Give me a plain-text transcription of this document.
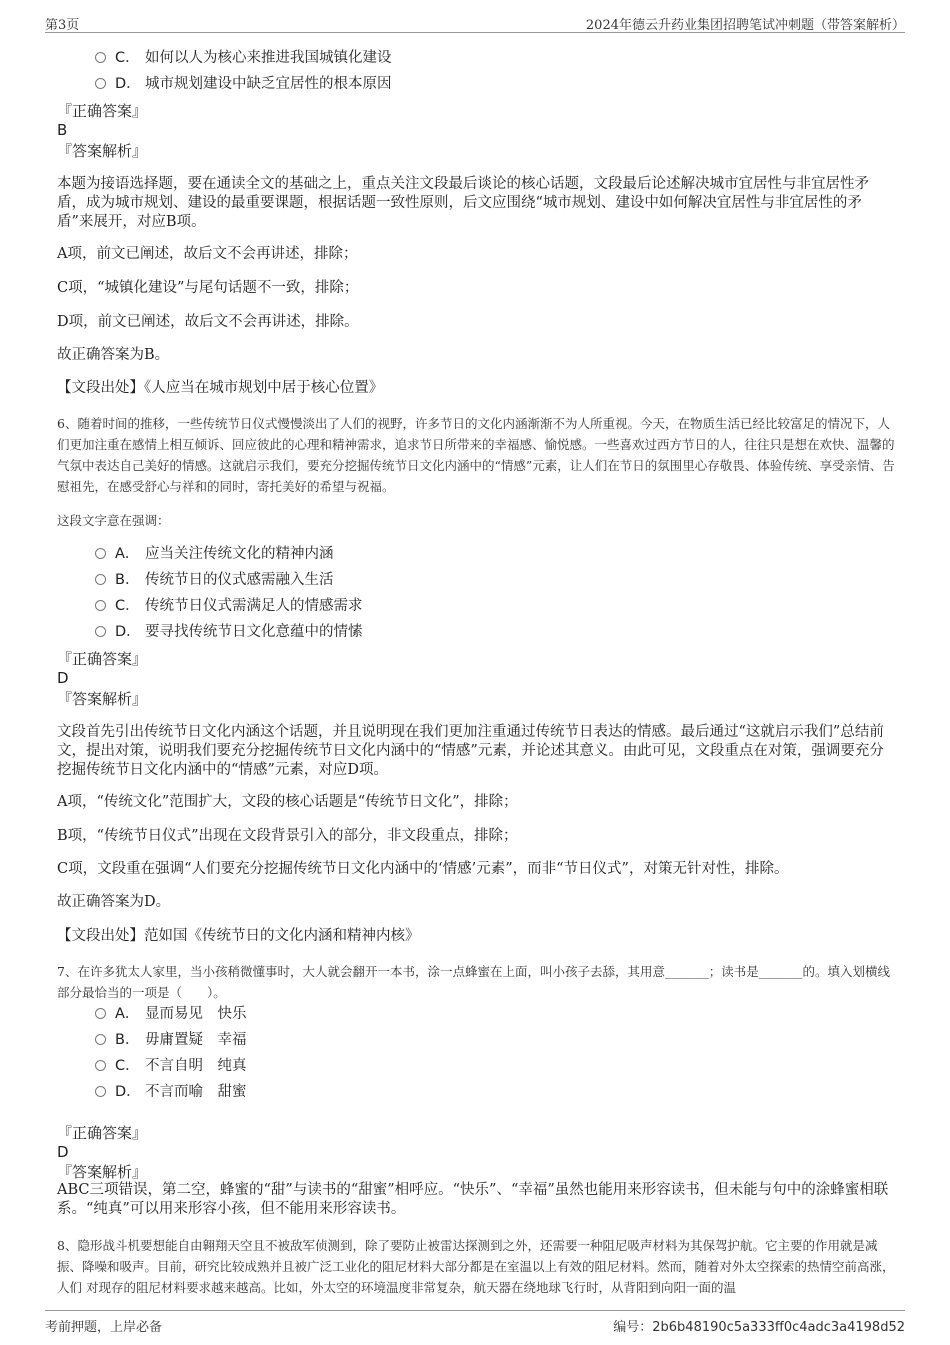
第3页	2024年德云升药业集团招聘笔试冲刺题（带答案解析）
C． 如何以人为核心来推进我国城镇化建设
D． 城市规划建设中缺乏宜居性的根本原因
『正确答案』
B
『答案解析』
本题为接语选择题，要在通读全文的基础之上，重点关注文段最后谈论的核心话题，文段最后论述解决城市宜居性与非宜居性矛盾，成为城市规划、建设的最重要课题，根据话题一致性原则，后文应围绕“城市规划、建设中如何解决宜居性与非宜居性的矛盾”来展开，对应B项。
A项，前文已阐述，故后文不会再讲述，排除；
C项，“城镇化建设”与尾句话题不一致，排除；
D项，前文已阐述，故后文不会再讲述，排除。
故正确答案为B。
【文段出处】《人应当在城市规划中居于核心位置》
6、随着时间的推移，一些传统节日仪式慢慢淡出了人们的视野，许多节日的文化内涵渐渐不为人所重视。今天，在物质生活已经比较富足的情况下，人们更加注重在感情上相互倾诉、回应彼此的心理和精神需求，追求节日所带来的幸福感、愉悦感。一些喜欢过西方节日的人，往往只是想在欢快、温馨的气氛中表达自己美好的情感。这就启示我们，要充分挖掘传统节日文化内涵中的“情感”元素，让人们在节日的氛围里心存敬畏、体验传统、享受亲情、告慰祖先，在感受舒心与祥和的同时，寄托美好的希望与祝福。
这段文字意在强调：
A． 应当关注传统文化的精神内涵
B． 传统节日的仪式感需融入生活
C． 传统节日仪式需满足人的情感需求
D． 要寻找传统节日文化意蕴中的情愫
『正确答案』
D
『答案解析』
文段首先引出传统节日文化内涵这个话题，并且说明现在我们更加注重通过传统节日表达的情感。最后通过“这就启示我们”总结前文，提出对策，说明我们要充分挖掘传统节日文化内涵中的“情感”元素，并论述其意义。由此可见，文段重点在对策，强调要充分挖掘传统节日文化内涵中的“情感”元素，对应D项。
A项，“传统文化”范围扩大，文段的核心话题是“传统节日文化”，排除；
B项，“传统节日仪式”出现在文段背景引入的部分，非文段重点，排除；
C项，文段重在强调“人们要充分挖掘传统节日文化内涵中的‘情感’元素”，而非“节日仪式”，对策无针对性，排除。
故正确答案为D。
【文段出处】范如国《传统节日的文化内涵和精神内核》
7、在许多犹太人家里，当小孩稍微懂事时，大人就会翻开一本书，涂一点蜂蜜在上面，叫小孩子去舔，其用意_______；读书是_______的。填入划横线部分最恰当的一项是（　　）。
A． 显而易见　快乐
B． 毋庸置疑　幸福
C． 不言自明　纯真
D． 不言而喻　甜蜜
『正确答案』
D
『答案解析』
ABC三项错误，第二空，蜂蜜的“甜”与读书的“甜蜜”相呼应。“快乐”、“幸福”虽然也能用来形容读书，但未能与句中的涂蜂蜜相联系。“纯真”可以用来形容小孩，但不能用来形容读书。
8、隐形战斗机要想能自由翱翔天空且不被敌军侦测到，除了要防止被雷达探测到之外，还需要一种阻尼吸声材料为其保驾护航。它主要的作用就是减振、降噪和吸声。目前，研究比较成熟并且被广泛工业化的阻尼材料大部分都是在室温以上有效的阻尼材料。然而，随着对外太空探索的热情空前高涨， 人们 对现存的阻尼材料要求越来越高。比如，外太空的环境温度非常复杂，航天器在绕地球飞行时，从背阳到向阳一面的温
考前押题，上岸必备	编号：2b6b48190c5a333ff0c4adc3a4198d52
